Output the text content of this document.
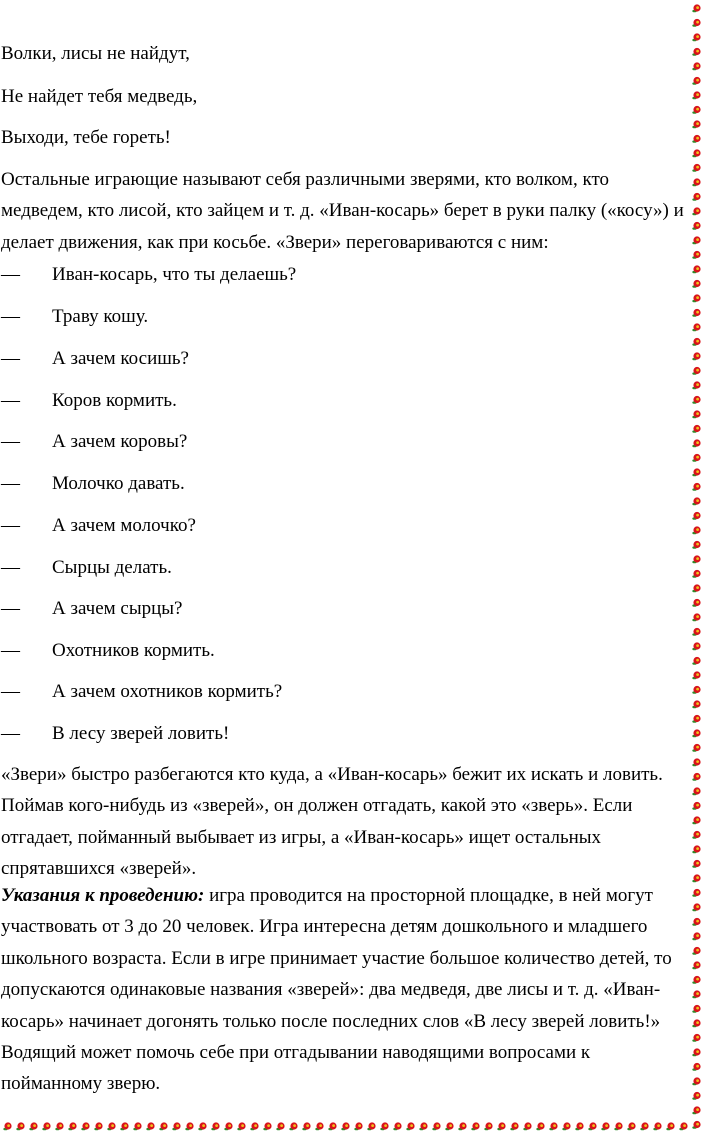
Волки, лисы не найдут,
Не найдет тебя медведь,
Выходи, тебе гореть!
Остальные играющие называют себя различными зверями, кто волком, кто медведем, кто лисой, кто зайцем и т. д. «Иван-косарь» берет в руки палку («косу») и делает движения, как при косьбе. «Звери» переговариваются с ним:
— Иван-косарь, что ты делаешь?
— Траву кошу.
— А зачем косишь?
— Коров кормить.
— А зачем коровы?
— Молочко давать.
— А зачем молочко?
— Сырцы делать.
— А зачем сырцы?
— Охотников кормить.
— А зачем охотников кормить?
— В лесу зверей ловить!
«Звери» быстро разбегаются кто куда, а «Иван-косарь» бежит их искать и ловить. Поймав кого-нибудь из «зверей», он должен отгадать, какой это «зверь». Если отгадает, пойманный выбывает из игры, а «Иван-косарь» ищет остальных спрятавшихся «зверей».
Указания к проведению: игра проводится на просторной площадке, в ней могут участвовать от 3 до 20 человек. Игра интересна детям дошкольного и младшего школьного возраста. Если в игре принимает участие большое количество детей, то допускаются одинаковые названия «зверей»: два медведя, две лисы и т. д. «Иван-косарь» начинает догонять только после последних слов «В лесу зверей ловить!» Водящий может помочь себе при отгадывании наводящими вопросами к пойманному зверю.
